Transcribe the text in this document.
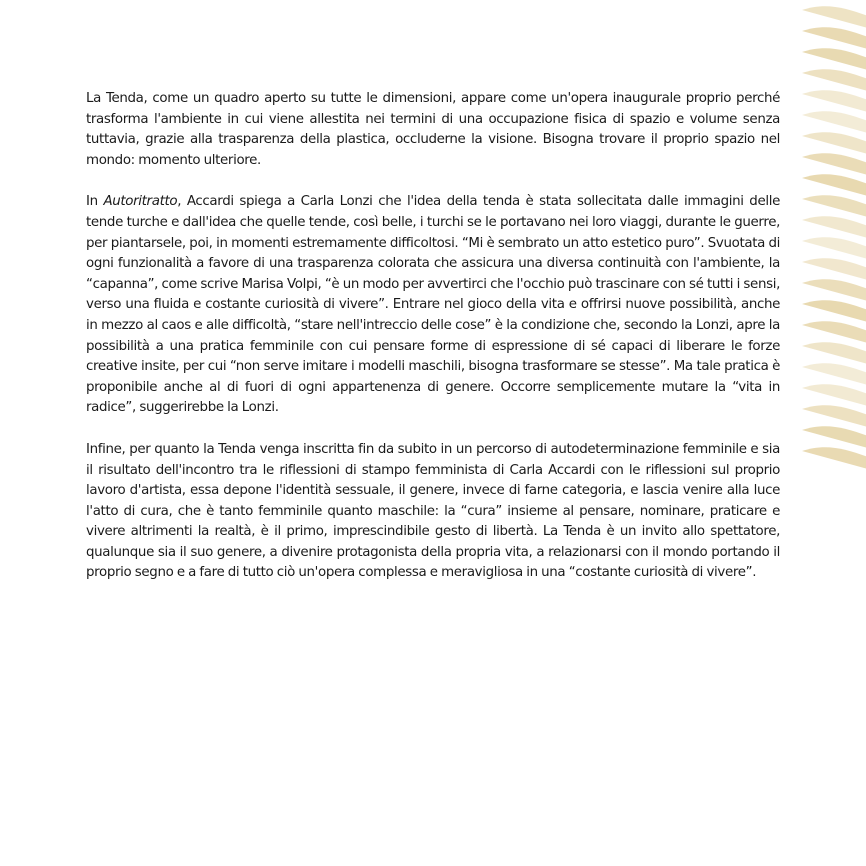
La Tenda, come un quadro aperto su tutte le dimensioni, appare come un'opera inaugurale proprio perché trasforma l'ambiente in cui viene allestita nei termini di una occupazione fisica di spazio e volume senza tuttavia, grazie alla trasparenza della plastica, occluderne la visione. Bisogna trovare il proprio spazio nel mondo: momento ulteriore.

In Autoritratto, Accardi spiega a Carla Lonzi che l'idea della tenda è stata sollecitata dalle immagini delle tende turche e dall'idea che quelle tende, così belle, i turchi se le portavano nei loro viaggi, durante le guerre, per piantarsele, poi, in momenti estremamente difficoltosi. “Mi è sembrato un atto estetico puro”. Svuotata di ogni funzionalità a favore di una trasparenza colorata che assicura una diversa continuità con l'ambiente, la “capanna”, come scrive Marisa Volpi, “è un modo per avvertirci che l'occhio può trascinare con sé tutti i sensi, verso una fluida e costante curiosità di vivere”. Entrare nel gioco della vita e offrirsi nuove possibilità, anche in mezzo al caos e alle difficoltà, “stare nell'intreccio delle cose” è la condizione che, secondo la Lonzi, apre la possibilità a una pratica femminile con cui pensare forme di espressione di sé capaci di liberare le forze creative insite, per cui “non serve imitare i modelli maschili, bisogna trasformare se stesse”. Ma tale pratica è proponibile anche al di fuori di ogni appartenenza di genere. Occorre semplicemente mutare la “vita in radice”, suggerirebbe la Lonzi.

Infine, per quanto la Tenda venga inscritta fin da subito in un percorso di autodeterminazione femminile e sia il risultato dell'incontro tra le riflessioni di stampo femminista di Carla Accardi con le riflessioni sul proprio lavoro d'artista, essa depone l'identità sessuale, il genere, invece di farne categoria, e lascia venire alla luce l'atto di cura, che è tanto femminile quanto maschile: la “cura” insieme al pensare, nominare, praticare e vivere altrimenti la realtà, è il primo, imprescindibile gesto di libertà. La Tenda è un invito allo spettatore, qualunque sia il suo genere, a divenire protagonista della propria vita, a relazionarsi con il mondo portando il proprio segno e a fare di tutto ciò un'opera complessa e meravigliosa in una “costante curiosità di vivere”.
